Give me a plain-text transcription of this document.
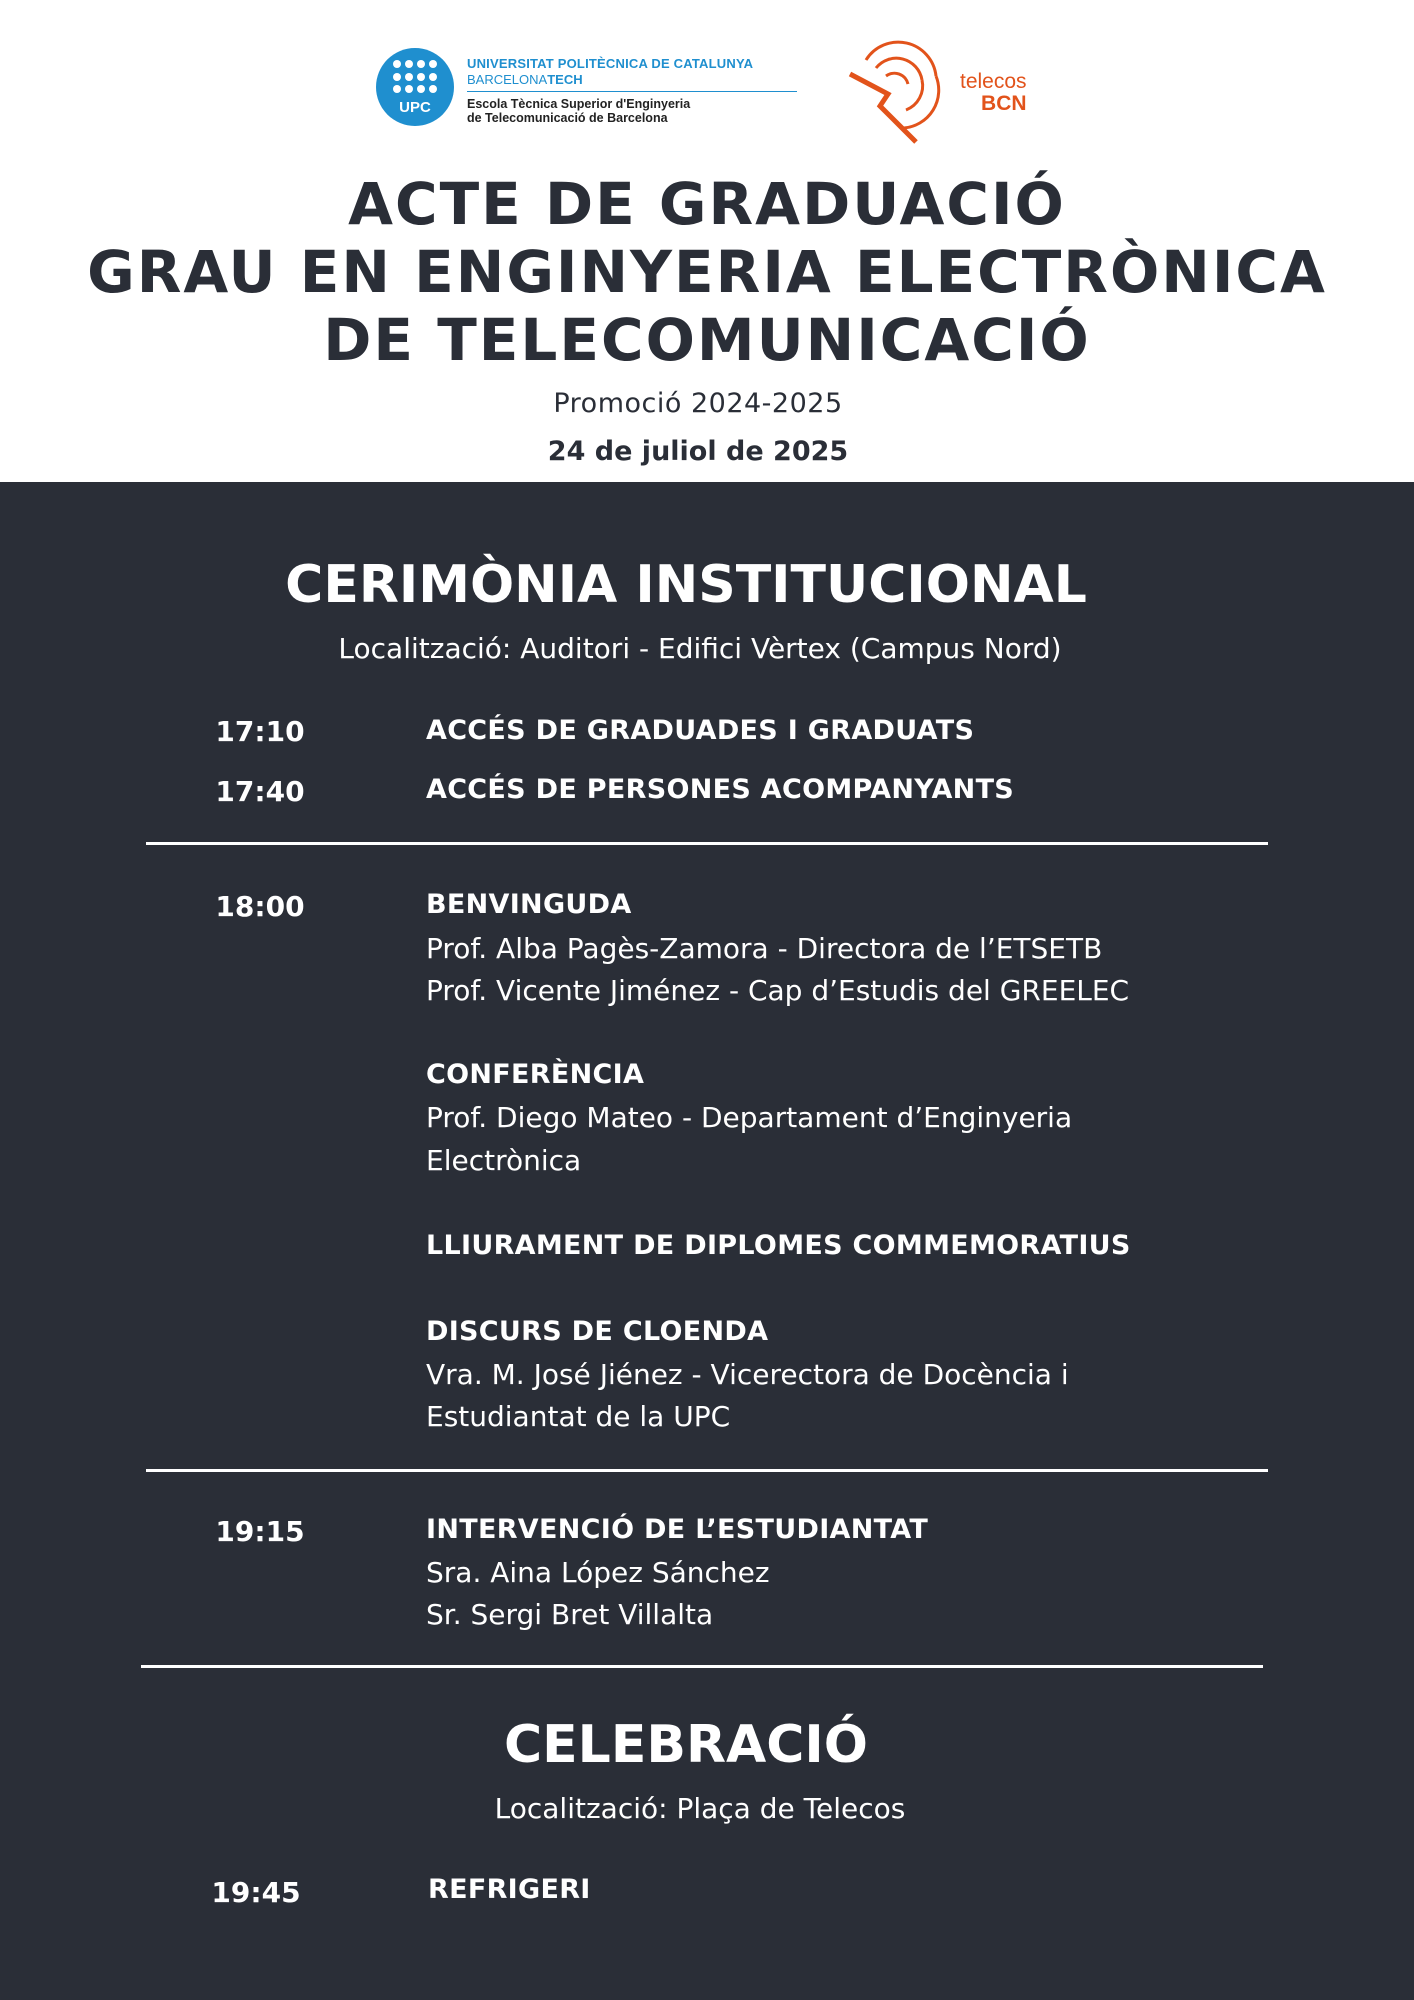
UPC
UNIVERSITAT POLITÈCNICA DE CATALUNYA
BARCELONATECH
Escola Tècnica Superior d'Enginyeria
de Telecomunicació de Barcelona
telecos
BCN
ACTE DE GRADUACIÓ
GRAU EN ENGINYERIA ELECTRÒNICA
DE TELECOMUNICACIÓ
Promoció 2024-2025
24 de juliol de 2025
CERIMÒNIA INSTITUCIONAL
Localització: Auditori - Edifici Vèrtex (Campus Nord)
17:10	ACCÉS DE GRADUADES I GRADUATS
17:40	ACCÉS DE PERSONES ACOMPANYANTS
18:00	BENVINGUDA
Prof. Alba Pagès-Zamora - Directora de l’ETSETB
Prof. Vicente Jiménez - Cap d’Estudis del GREELEC
CONFERÈNCIA
Prof. Diego Mateo - Departament d’Enginyeria
Electrònica
LLIURAMENT DE DIPLOMES COMMEMORATIUS
DISCURS DE CLOENDA
Vra. M. José Jiénez - Vicerectora de Docència i
Estudiantat de la UPC
19:15	INTERVENCIÓ DE L’ESTUDIANTAT
Sra. Aina López Sánchez
Sr. Sergi Bret Villalta
CELEBRACIÓ
Localització: Plaça de Telecos
19:45	REFRIGERI
